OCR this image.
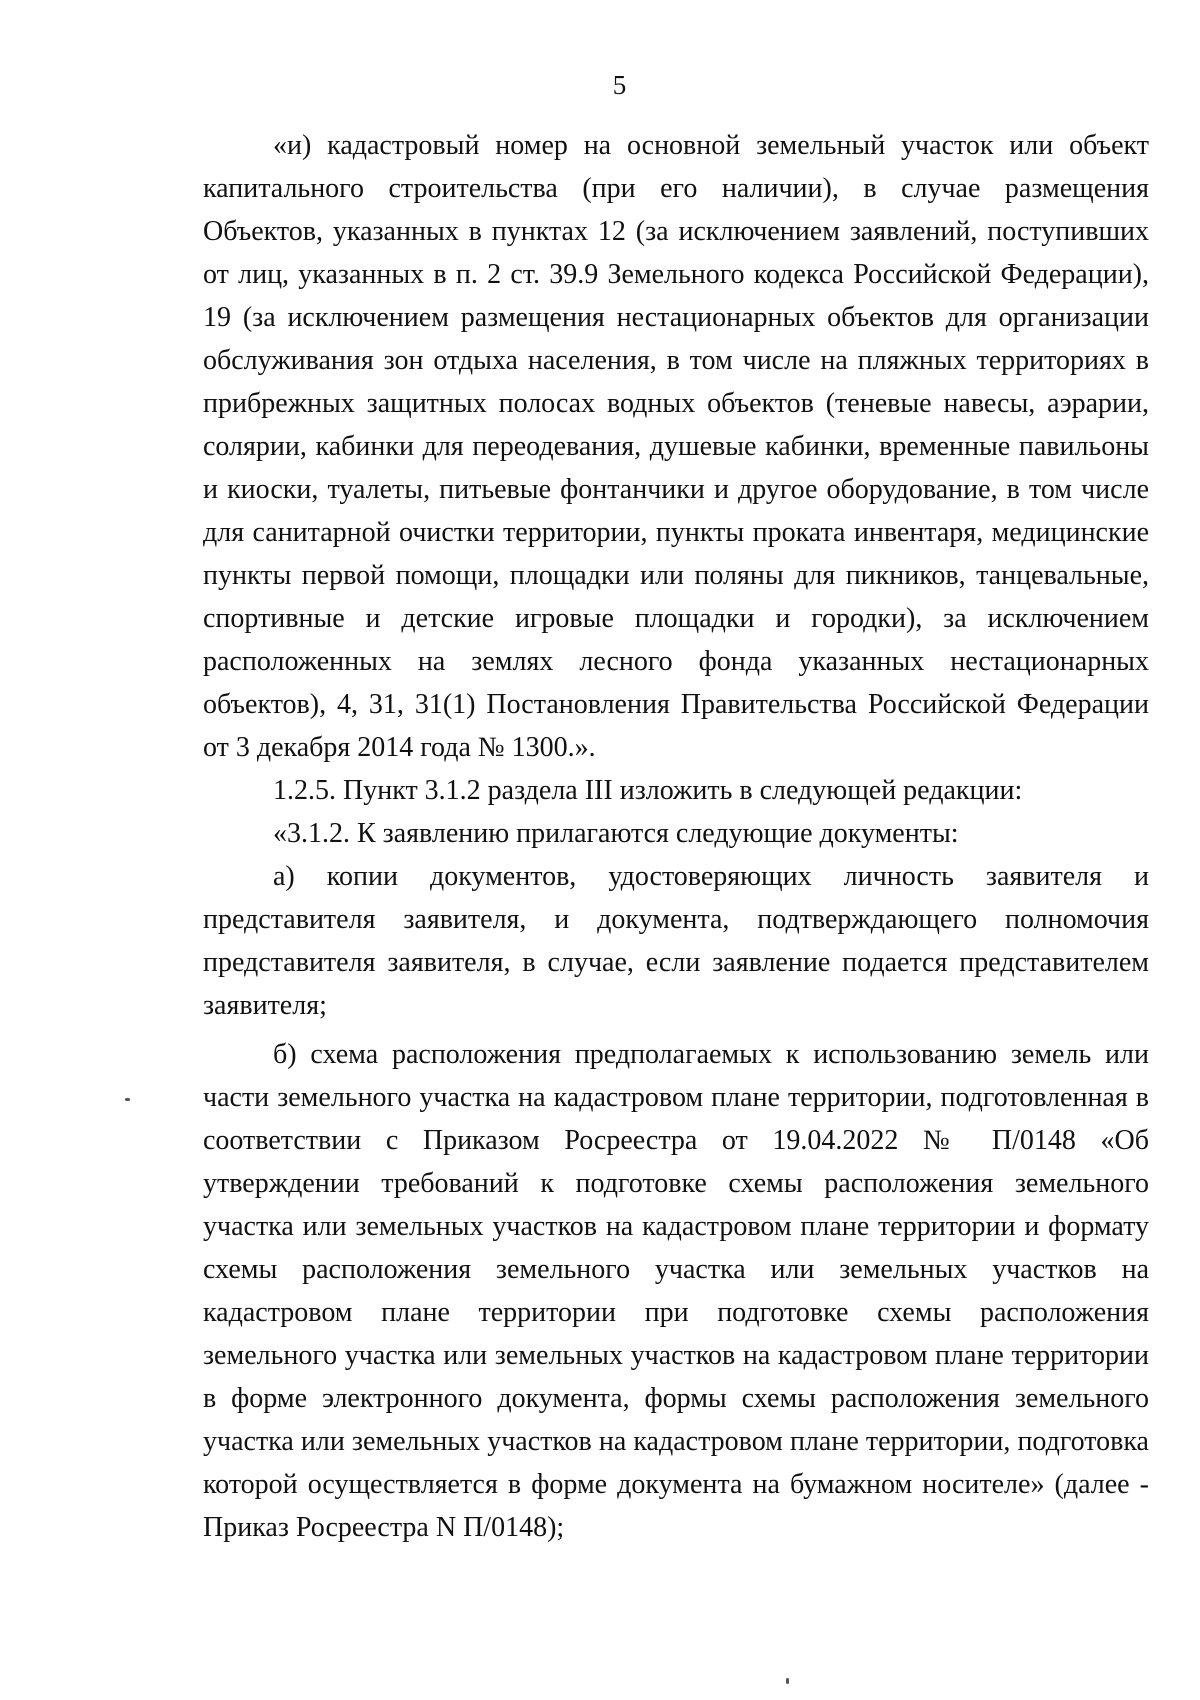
5

«и) кадастровый номер на основной земельный участок или объект капитального строительства (при его наличии), в случае размещения Объектов, указанных в пунктах 12 (за исключением заявлений, поступивших от лиц, указанных в п. 2 ст. 39.9 Земельного кодекса Российской Федерации), 19 (за исключением размещения нестационарных объектов для организации обслуживания зон отдыха населения, в том числе на пляжных территориях в прибрежных защитных полосах водных объектов (теневые навесы, аэрарии, солярии, кабинки для переодевания, душевые кабинки, временные павильоны и киоски, туалеты, питьевые фонтанчики и другое оборудование, в том числе для санитарной очистки территории, пункты проката инвентаря, медицинские пункты первой помощи, площадки или поляны для пикников, танцевальные, спортивные и детские игровые площадки и городки), за исключением расположенных на землях лесного фонда указанных нестационарных объектов), 4, 31, 31(1) Постановления Правительства Российской Федерации от 3 декабря 2014 года № 1300.».

1.2.5. Пункт 3.1.2 раздела III изложить в следующей редакции:

«3.1.2. К заявлению прилагаются следующие документы:

а) копии документов, удостоверяющих личность заявителя и представителя заявителя, и документа, подтверждающего полномочия представителя заявителя, в случае, если заявление подается представителем заявителя;

б) схема расположения предполагаемых к использованию земель или части земельного участка на кадастровом плане территории, подготовленная в соответствии с Приказом Росреестра от 19.04.2022 № П/0148 «Об утверждении требований к подготовке схемы расположения земельного участка или земельных участков на кадастровом плане территории и формату схемы расположения земельного участка или земельных участков на кадастровом плане территории при подготовке схемы расположения земельного участка или земельных участков на кадастровом плане территории в форме электронного документа, формы схемы расположения земельного участка или земельных участков на кадастровом плане территории, подготовка которой осуществляется в форме документа на бумажном носителе» (далее - Приказ Росреестра N П/0148);
